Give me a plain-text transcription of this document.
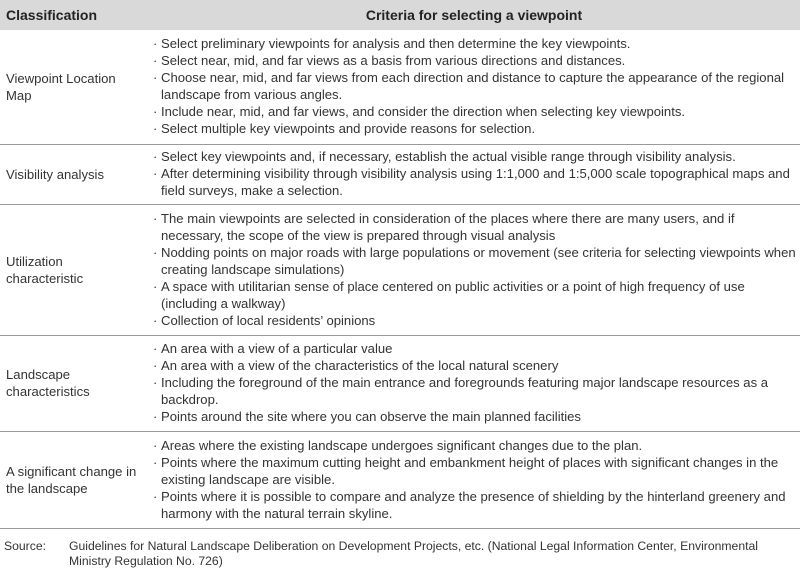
Classification	Criteria for selecting a viewpoint
Viewpoint Location Map	· Select preliminary viewpoints for analysis and then determine the key viewpoints.
· Select near, mid, and far views as a basis from various directions and distances.
· Choose near, mid, and far views from each direction and distance to capture the appearance of the regional landscape from various angles.
· Include near, mid, and far views, and consider the direction when selecting key viewpoints.
· Select multiple key viewpoints and provide reasons for selection.

Visibility analysis	· Select key viewpoints and, if necessary, establish the actual visible range through visibility analysis.
· After determining visibility through visibility analysis using 1:1,000 and 1:5,000 scale topographical maps and field surveys, make a selection.

Utilization characteristic	· The main viewpoints are selected in consideration of the places where there are many users, and if necessary, the scope of the view is prepared through visual analysis
· Nodding points on major roads with large populations or movement (see criteria for selecting viewpoints when creating landscape simulations)
· A space with utilitarian sense of place centered on public activities or a point of high frequency of use (including a walkway)
· Collection of local residents’ opinions

Landscape characteristics	· An area with a view of a particular value
· An area with a view of the characteristics of the local natural scenery
· Including the foreground of the main entrance and foregrounds featuring major landscape resources as a backdrop.
· Points around the site where you can observe the main planned facilities

A significant change in the landscape	· Areas where the existing landscape undergoes significant changes due to the plan.
· Points where the maximum cutting height and embankment height of places with significant changes in the existing landscape are visible.
· Points where it is possible to compare and analyze the presence of shielding by the hinterland greenery and harmony with the natural terrain skyline.
Source: Guidelines for Natural Landscape Deliberation on Development Projects, etc. (National Legal Information Center, Environmental Ministry Regulation No. 726)
